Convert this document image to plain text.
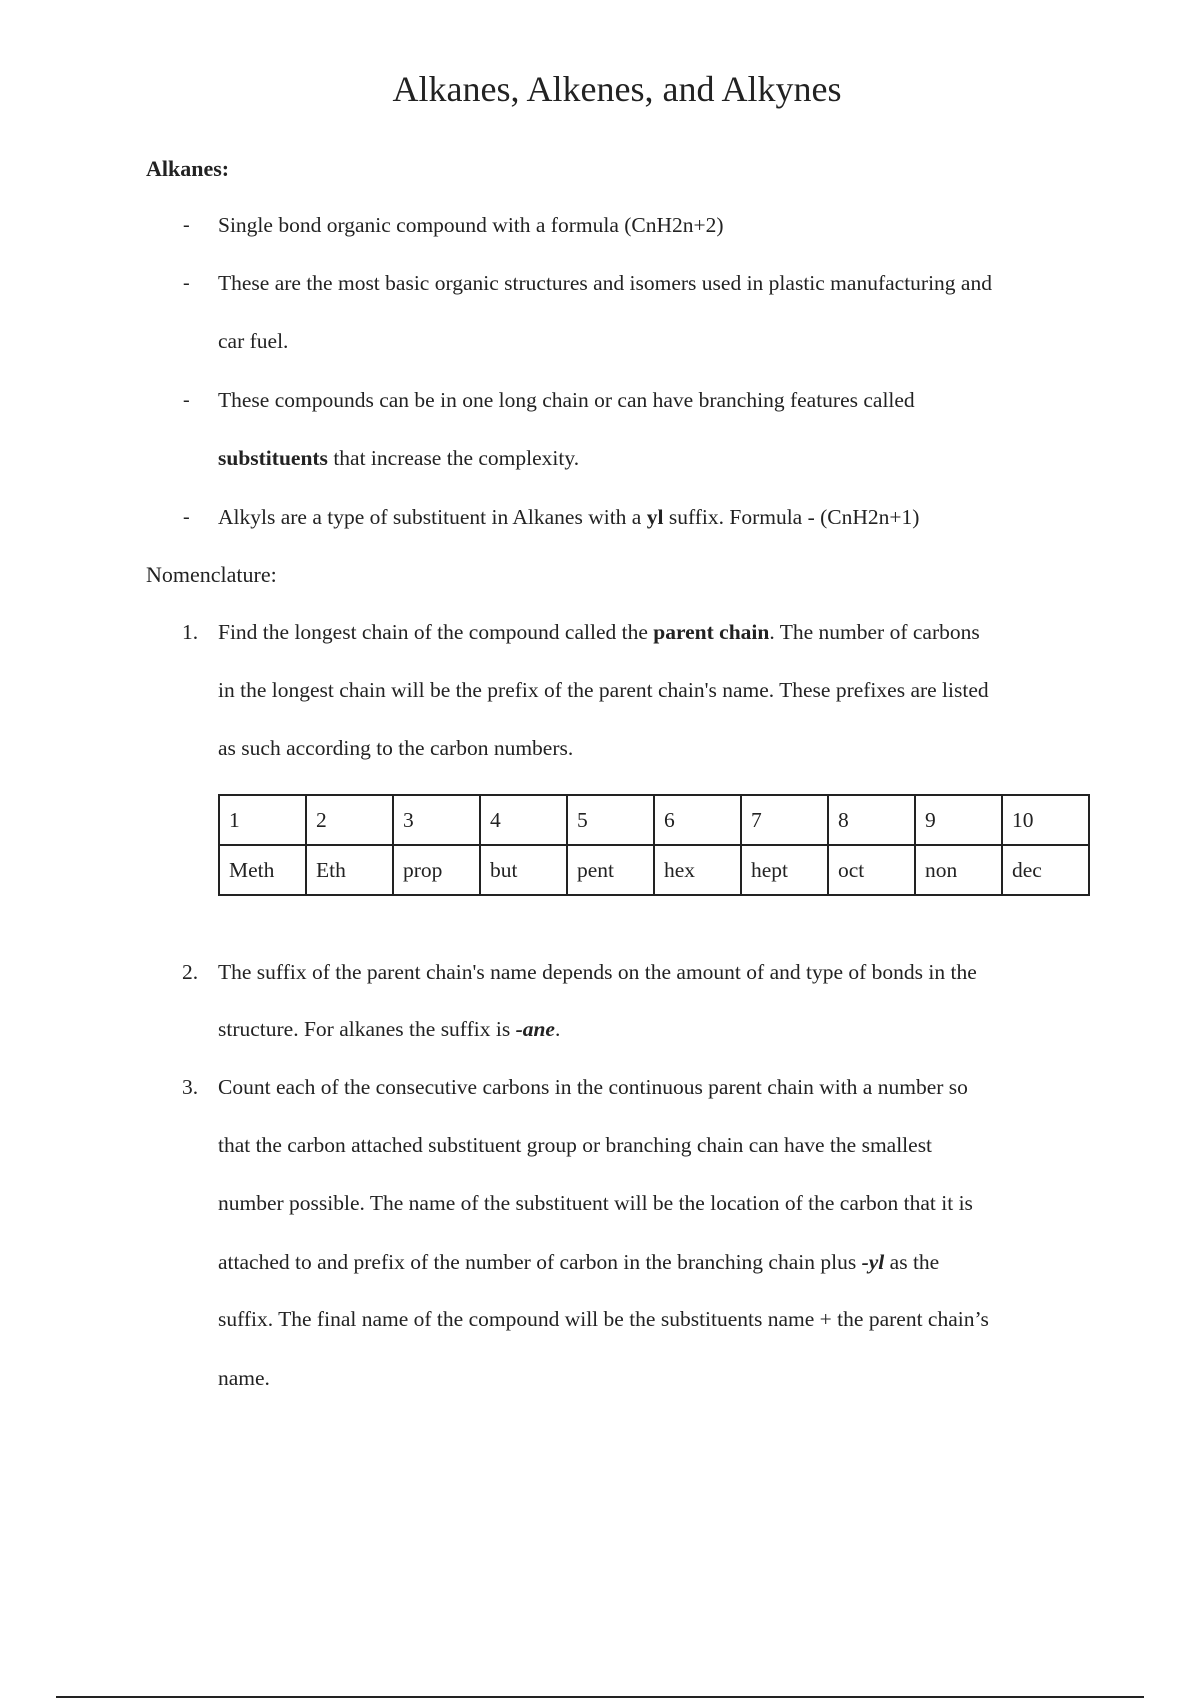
Alkanes, Alkenes, and Alkynes
Alkanes:
- Single bond organic compound with a formula (CnH2n+2)
- These are the most basic organic structures and isomers used in plastic manufacturing and
car fuel.
- These compounds can be in one long chain or can have branching features called
substituents that increase the complexity.
- Alkyls are a type of substituent in Alkanes with a yl suffix. Formula - (CnH2n+1)
Nomenclature:
1. Find the longest chain of the compound called the parent chain. The number of carbons
in the longest chain will be the prefix of the parent chain's name. These prefixes are listed
as such according to the carbon numbers.
1	2	3	4	5	6	7	8	9	10
Meth	Eth	prop	but	pent	hex	hept	oct	non	dec
2. The suffix of the parent chain's name depends on the amount of and type of bonds in the
structure. For alkanes the suffix is -ane.
3. Count each of the consecutive carbons in the continuous parent chain with a number so
that the carbon attached substituent group or branching chain can have the smallest
number possible. The name of the substituent will be the location of the carbon that it is
attached to and prefix of the number of carbon in the branching chain plus -yl as the
suffix. The final name of the compound will be the substituents name + the parent chain’s
name.
